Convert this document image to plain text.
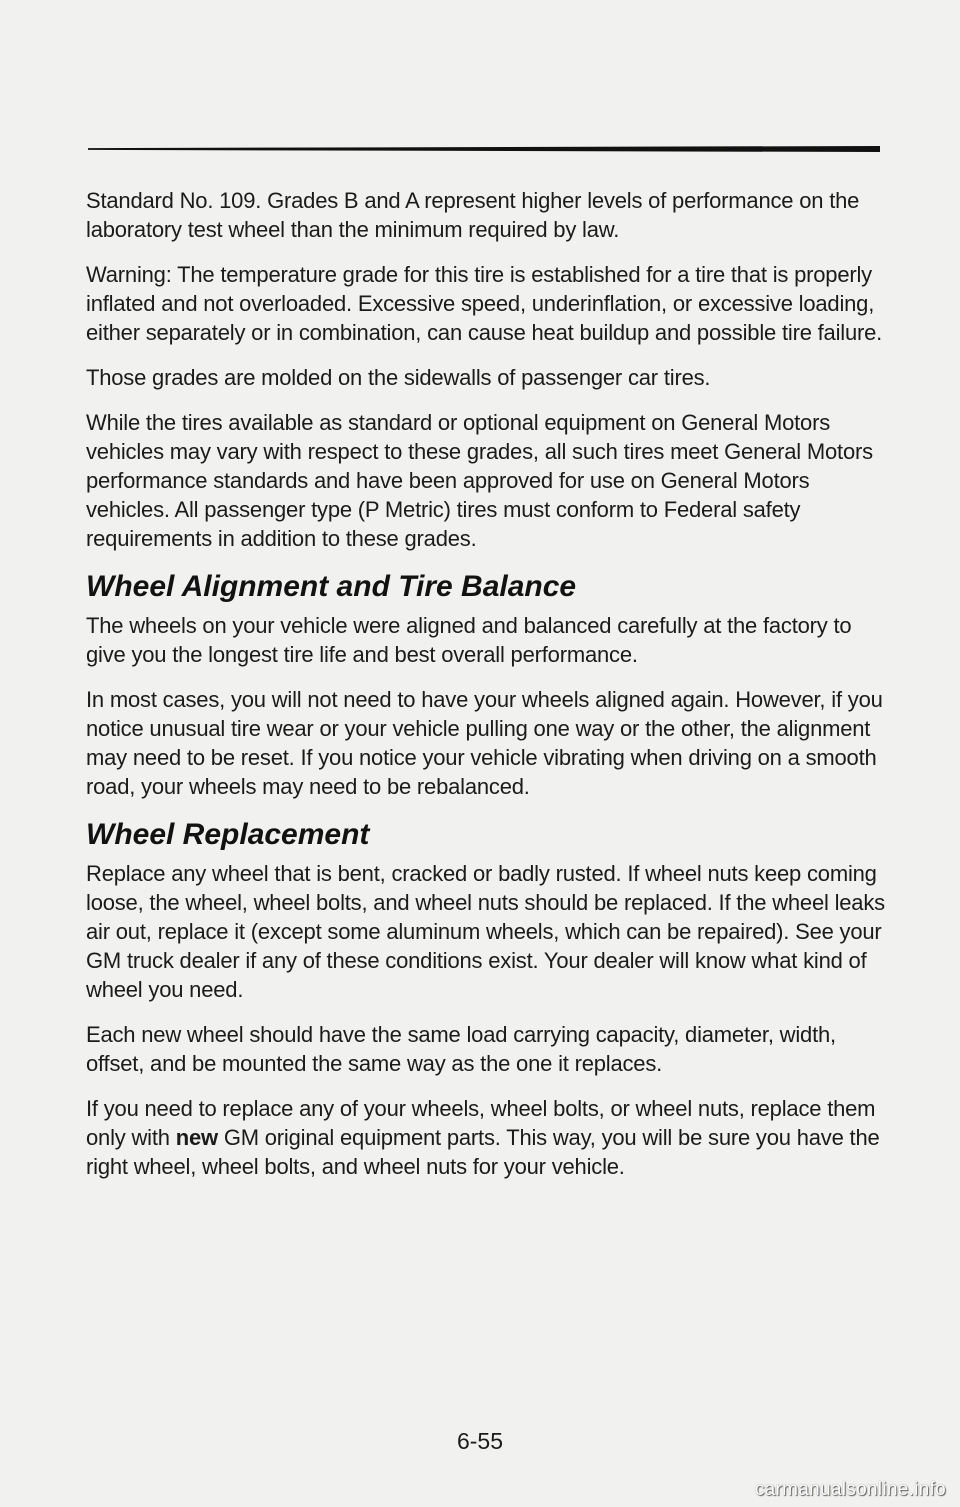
Standard No. 109. Grades B and A represent higher levels of performance on the laboratory test wheel than the minimum required by law.

Warning: The temperature grade for this tire is established for a tire that is properly inflated and not overloaded. Excessive speed, underinflation, or excessive loading, either separately or in combination, can cause heat buildup and possible tire failure.

Those grades are molded on the sidewalls of passenger car tires.

While the tires available as standard or optional equipment on General Motors vehicles may vary with respect to these grades, all such tires meet General Motors performance standards and have been approved for use on General Motors vehicles. All passenger type (P Metric) tires must conform to Federal safety requirements in addition to these grades.

Wheel Alignment and Tire Balance

The wheels on your vehicle were aligned and balanced carefully at the factory to give you the longest tire life and best overall performance.

In most cases, you will not need to have your wheels aligned again. However, if you notice unusual tire wear or your vehicle pulling one way or the other, the alignment may need to be reset. If you notice your vehicle vibrating when driving on a smooth road, your wheels may need to be rebalanced.

Wheel Replacement

Replace any wheel that is bent, cracked or badly rusted. If wheel nuts keep coming loose, the wheel, wheel bolts, and wheel nuts should be replaced. If the wheel leaks air out, replace it (except some aluminum wheels, which can be repaired). See your GM truck dealer if any of these conditions exist. Your dealer will know what kind of wheel you need.

Each new wheel should have the same load carrying capacity, diameter, width, offset, and be mounted the same way as the one it replaces.

If you need to replace any of your wheels, wheel bolts, or wheel nuts, replace them only with new GM original equipment parts. This way, you will be sure you have the right wheel, wheel bolts, and wheel nuts for your vehicle.

6-55
carmanualsonline.info
